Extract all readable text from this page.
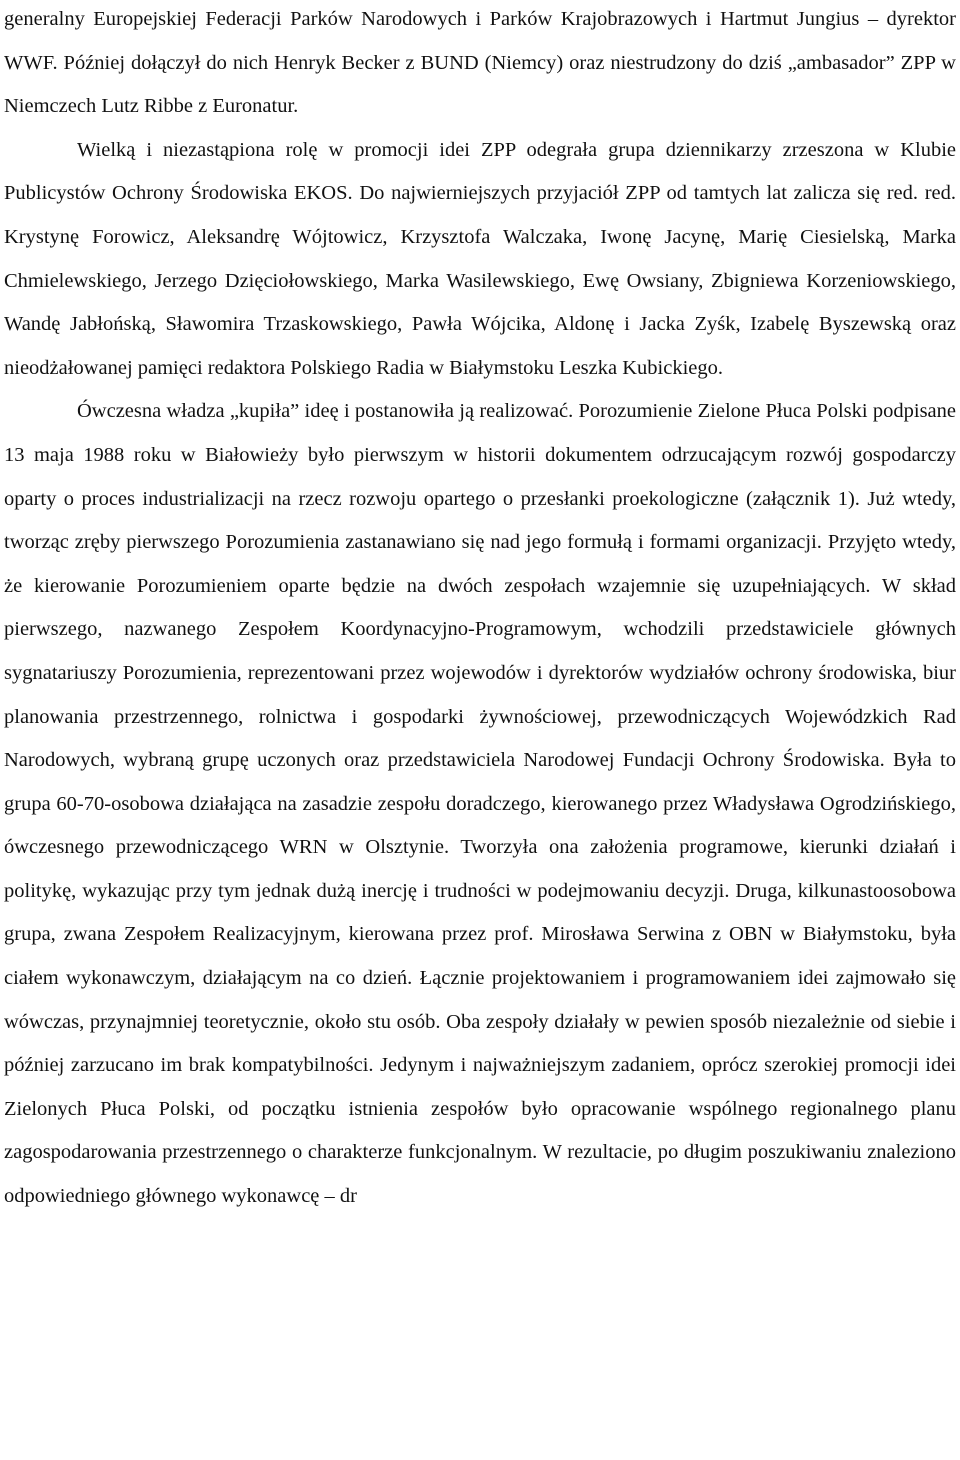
generalny Europejskiej Federacji Parków Narodowych i Parków Krajobrazowych i Hartmut Jungius – dyrektor WWF. Później dołączył do nich Henryk Becker z BUND (Niemcy) oraz niestrudzony do dziś „ambasador” ZPP w Niemczech Lutz Ribbe z Euronatur.

Wielką i niezastąpiona rolę w promocji idei ZPP odegrała grupa dziennikarzy zrzeszona w Klubie Publicystów Ochrony Środowiska EKOS. Do najwierniejszych przyjaciół ZPP od tamtych lat zalicza się red. red. Krystynę Forowicz, Aleksandrę Wójtowicz, Krzysztofa Walczaka, Iwonę Jacynę, Marię Ciesielską, Marka Chmielewskiego, Jerzego Dzięciołowskiego, Marka Wasilewskiego, Ewę Owsiany, Zbigniewa Korzeniowskiego, Wandę Jabłońską, Sławomira Trzaskowskiego, Pawła Wójcika, Aldonę i Jacka Zyśk, Izabelę Byszewską oraz nieodżałowanej pamięci redaktora Polskiego Radia w Białymstoku Leszka Kubickiego.

Ówczesna władza „kupiła” ideę i postanowiła ją realizować. Porozumienie Zielone Płuca Polski podpisane 13 maja 1988 roku w Białowieży było pierwszym w historii dokumentem odrzucającym rozwój gospodarczy oparty o proces industrializacji na rzecz rozwoju opartego o przesłanki proekologiczne (załącznik 1). Już wtedy, tworząc zręby pierwszego Porozumienia zastanawiano się nad jego formułą i formami organizacji. Przyjęto wtedy, że kierowanie Porozumieniem oparte będzie na dwóch zespołach wzajemnie się uzupełniających. W skład pierwszego, nazwanego Zespołem Koordynacyjno-Programowym, wchodzili przedstawiciele głównych sygnatariuszy Porozumienia, reprezentowani przez wojewodów i dyrektorów wydziałów ochrony środowiska, biur planowania przestrzennego, rolnictwa i gospodarki żywnościowej, przewodniczących Wojewódzkich Rad Narodowych, wybraną grupę uczonych oraz przedstawiciela Narodowej Fundacji Ochrony Środowiska. Była to grupa 60-70-osobowa działająca na zasadzie zespołu doradczego, kierowanego przez Władysława Ogrodzińskiego, ówczesnego przewodniczącego WRN w Olsztynie. Tworzyła ona założenia programowe, kierunki działań i politykę, wykazując przy tym jednak dużą inercję i trudności w podejmowaniu decyzji. Druga, kilkunastoosobowa grupa, zwana Zespołem Realizacyjnym, kierowana przez prof. Mirosława Serwina z OBN w Białymstoku, była ciałem wykonawczym, działającym na co dzień. Łącznie projektowaniem i programowaniem idei zajmowało się wówczas, przynajmniej teoretycznie, około stu osób. Oba zespoły działały w pewien sposób niezależnie od siebie i później zarzucano im brak kompatybilności. Jedynym i najważniejszym zadaniem, oprócz szerokiej promocji idei Zielonych Płuca Polski, od początku istnienia zespołów było opracowanie wspólnego regionalnego planu zagospodarowania przestrzennego o charakterze funkcjonalnym. W rezultacie, po długim poszukiwaniu znaleziono odpowiedniego głównego wykonawcę – dr
